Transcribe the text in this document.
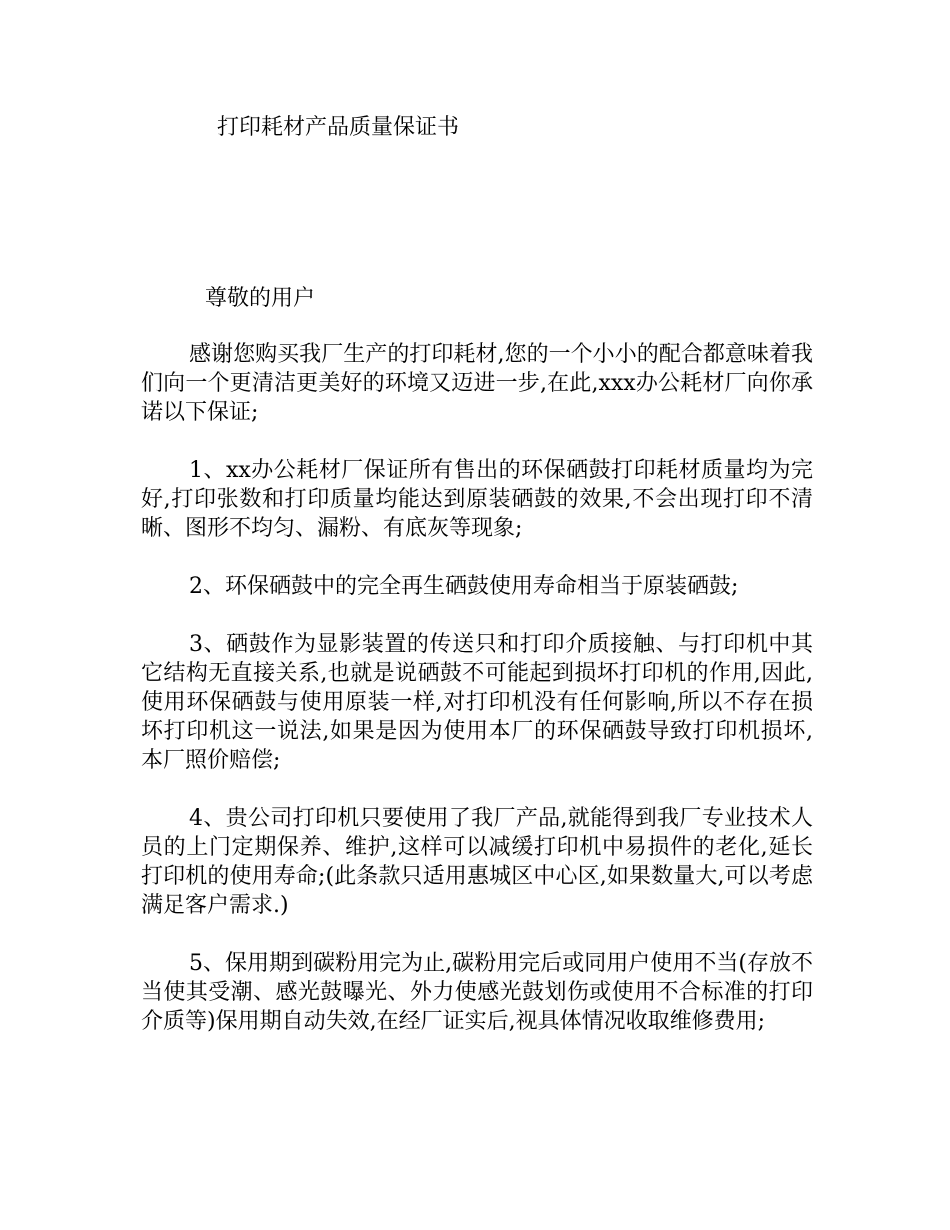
打印耗材产品质量保证书

尊敬的用户

感谢您购买我厂生产的打印耗材,您的一个小小的配合都意味着我们向一个更清洁更美好的环境又迈进一步,在此,xxx办公耗材厂向你承诺以下保证;

1、xx办公耗材厂保证所有售出的环保硒鼓打印耗材质量均为完好,打印张数和打印质量均能达到原装硒鼓的效果,不会出现打印不清晰、图形不均匀、漏粉、有底灰等现象;

2、环保硒鼓中的完全再生硒鼓使用寿命相当于原装硒鼓;

3、硒鼓作为显影装置的传送只和打印介质接触、与打印机中其它结构无直接关系,也就是说硒鼓不可能起到损坏打印机的作用,因此,使用环保硒鼓与使用原装一样,对打印机没有任何影响,所以不存在损坏打印机这一说法,如果是因为使用本厂的环保硒鼓导致打印机损坏,本厂照价赔偿;

4、贵公司打印机只要使用了我厂产品,就能得到我厂专业技术人员的上门定期保养、维护,这样可以减缓打印机中易损件的老化,延长打印机的使用寿命;(此条款只适用惠城区中心区,如果数量大,可以考虑满足客户需求.)

5、保用期到碳粉用完为止,碳粉用完后或同用户使用不当(存放不当使其受潮、感光鼓曝光、外力使感光鼓划伤或使用不合标准的打印介质等)保用期自动失效,在经厂证实后,视具体情况收取维修费用;
